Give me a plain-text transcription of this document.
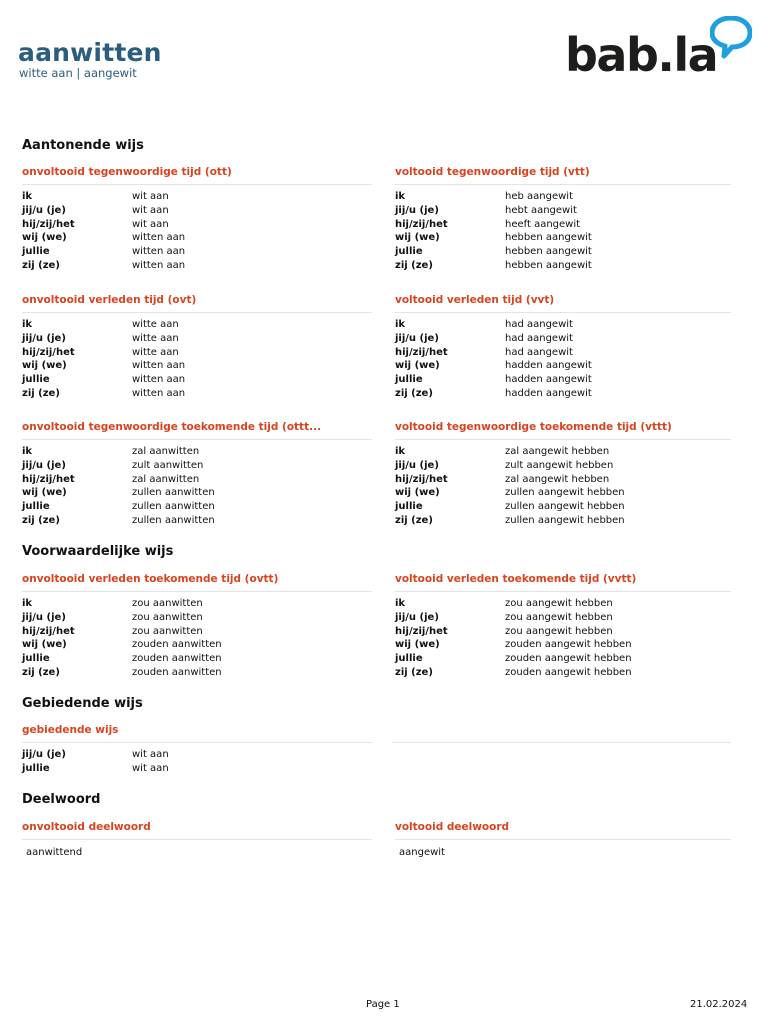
aanwitten
witte aan | aangewit	bab.la
Aantonende wijs
Voorwaardelijke wijs
Gebiedende wijs
Deelwoord
onvoltooid tegenwoordige tijd (ott)
ik	wit aan
jij/u (je)	wit aan
hij/zij/het	wit aan
wij (we)	witten aan
jullie	witten aan
zij (ze)	witten aan
voltooid tegenwoordige tijd (vtt)
ik	heb aangewit
jij/u (je)	hebt aangewit
hij/zij/het	heeft aangewit
wij (we)	hebben aangewit
jullie	hebben aangewit
zij (ze)	hebben aangewit
onvoltooid verleden tijd (ovt)
ik	witte aan
jij/u (je)	witte aan
hij/zij/het	witte aan
wij (we)	witten aan
jullie	witten aan
zij (ze)	witten aan
voltooid verleden tijd (vvt)
ik	had aangewit
jij/u (je)	had aangewit
hij/zij/het	had aangewit
wij (we)	hadden aangewit
jullie	hadden aangewit
zij (ze)	hadden aangewit
onvoltooid tegenwoordige toekomende tijd (ottt...
ik	zal aanwitten
jij/u (je)	zult aanwitten
hij/zij/het	zal aanwitten
wij (we)	zullen aanwitten
jullie	zullen aanwitten
zij (ze)	zullen aanwitten
voltooid tegenwoordige toekomende tijd (vttt)
ik	zal aangewit hebben
jij/u (je)	zult aangewit hebben
hij/zij/het	zal aangewit hebben
wij (we)	zullen aangewit hebben
jullie	zullen aangewit hebben
zij (ze)	zullen aangewit hebben
onvoltooid verleden toekomende tijd (ovtt)
ik	zou aanwitten
jij/u (je)	zou aanwitten
hij/zij/het	zou aanwitten
wij (we)	zouden aanwitten
jullie	zouden aanwitten
zij (ze)	zouden aanwitten
voltooid verleden toekomende tijd (vvtt)
ik	zou aangewit hebben
jij/u (je)	zou aangewit hebben
hij/zij/het	zou aangewit hebben
wij (we)	zouden aangewit hebben
jullie	zouden aangewit hebben
zij (ze)	zouden aangewit hebben
gebiedende wijs
jij/u (je)	wit aan
jullie	wit aan
onvoltooid deelwoord
aanwittend
voltooid deelwoord
aangewit
Page 1	21.02.2024
